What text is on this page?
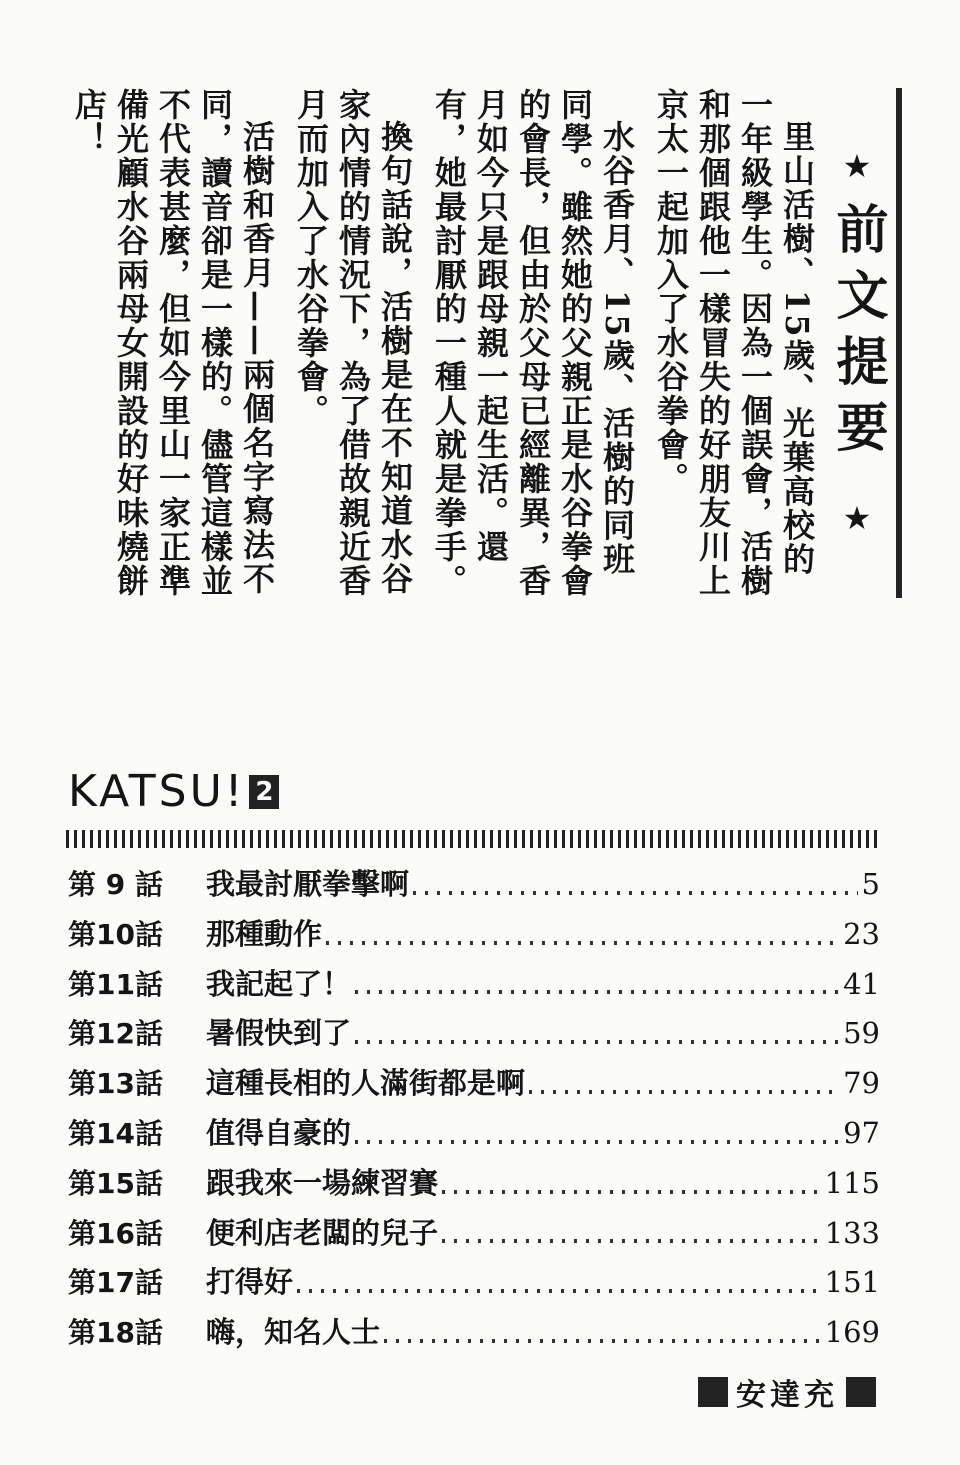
★
前文提要
★

里山活樹、15歲、光葉高校的一年級學生。因為一個誤會，活樹和那個跟他一樣冒失的好朋友川上京太一起加入了水谷拳會。

水谷香月、15歲、活樹的同班同學。雖然她的父親正是水谷拳會的會長，但由於父母已經離異，香月如今只是跟母親一起生活。還有，她最討厭的一種人就是拳手。

換句話說，活樹是在不知道水谷家內情的情況下，為了借故親近香月而加入了水谷拳會。

活樹和香月——兩個名字寫法不同，讀音卻是一樣的。儘管這樣並不代表甚麼，但如今里山一家正準備光顧水谷兩母女開設的好味燒餅店！

KATSU! 2
第 9 話	我最討厭拳擊啊	5
第10話	那種動作	23
第11話	我記起了！	41
第12話	暑假快到了	59
第13話	這種長相的人滿街都是啊	79
第14話	值得自豪的	97
第15話	跟我來一場練習賽	115
第16話	便利店老闆的兒子	133
第17話	打得好	151
第18話	嗨，知名人士	169
安達充
